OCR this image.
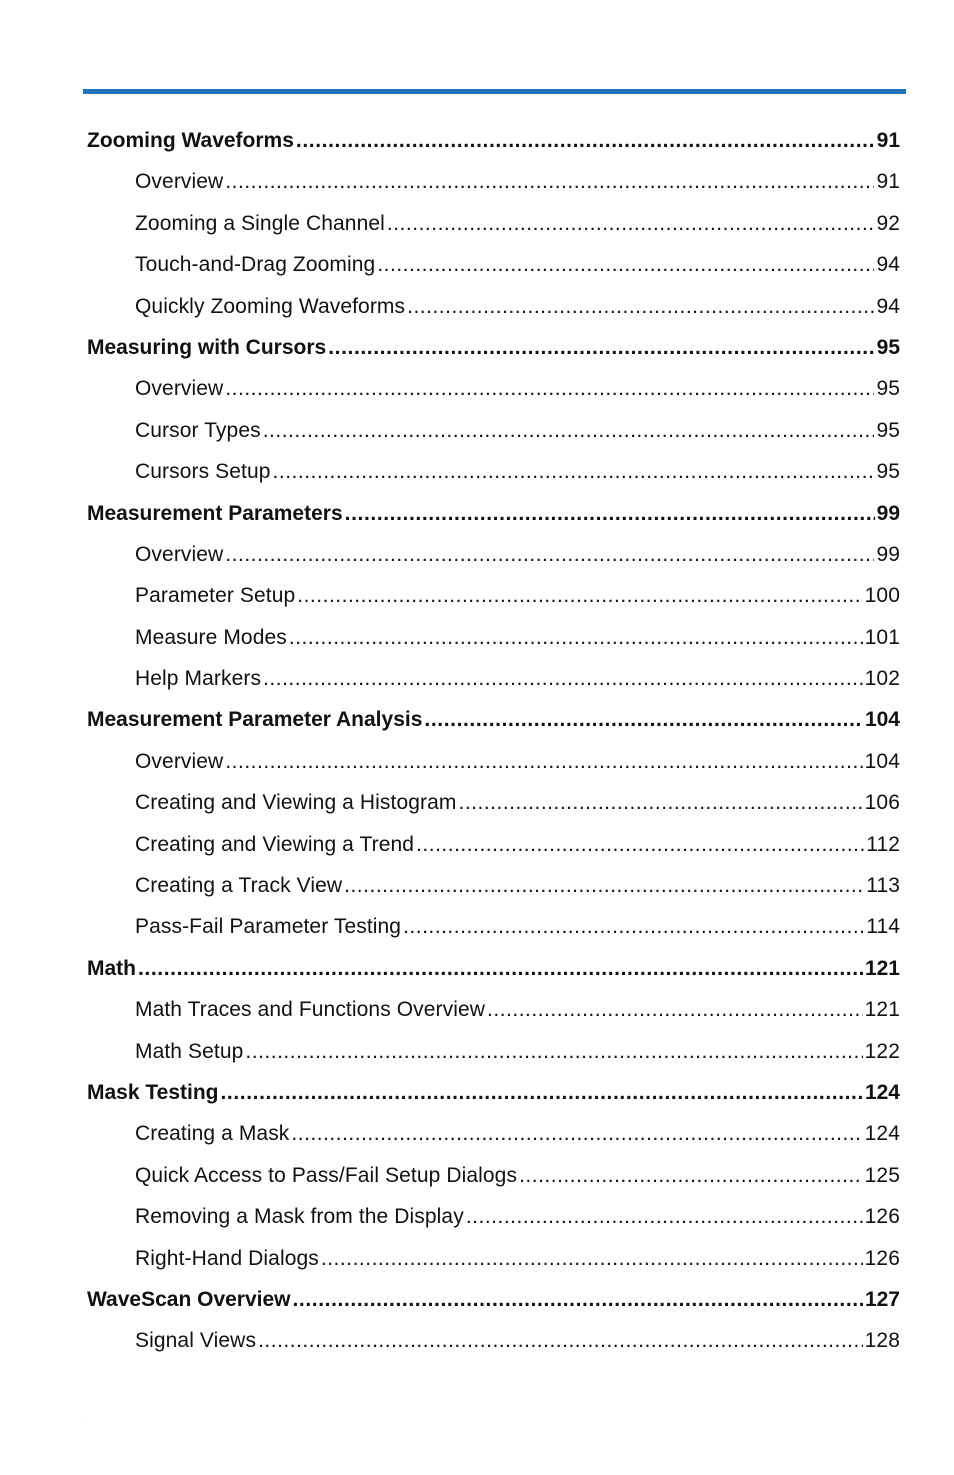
Zooming Waveforms .....	91
Overview .....	91
Zooming a Single Channel .....	92
Touch-and-Drag Zooming .....	94
Quickly Zooming Waveforms .....	94
Measuring with Cursors .....	95
Overview .....	95
Cursor Types .....	95
Cursors Setup .....	95
Measurement Parameters .....	99
Overview .....	99
Parameter Setup .....	100
Measure Modes .....	101
Help Markers .....	102
Measurement Parameter Analysis .....	104
Overview .....	104
Creating and Viewing a Histogram .....	106
Creating and Viewing a Trend .....	112
Creating a Track View .....	113
Pass-Fail Parameter Testing .....	114
Math .....	121
Math Traces and Functions Overview .....	121
Math Setup .....	122
Mask Testing .....	124
Creating a Mask .....	124
Quick Access to Pass/Fail Setup Dialogs .....	125
Removing a Mask from the Display .....	126
Right-Hand Dialogs .....	126
WaveScan Overview .....	127
Signal Views .....	128
.
